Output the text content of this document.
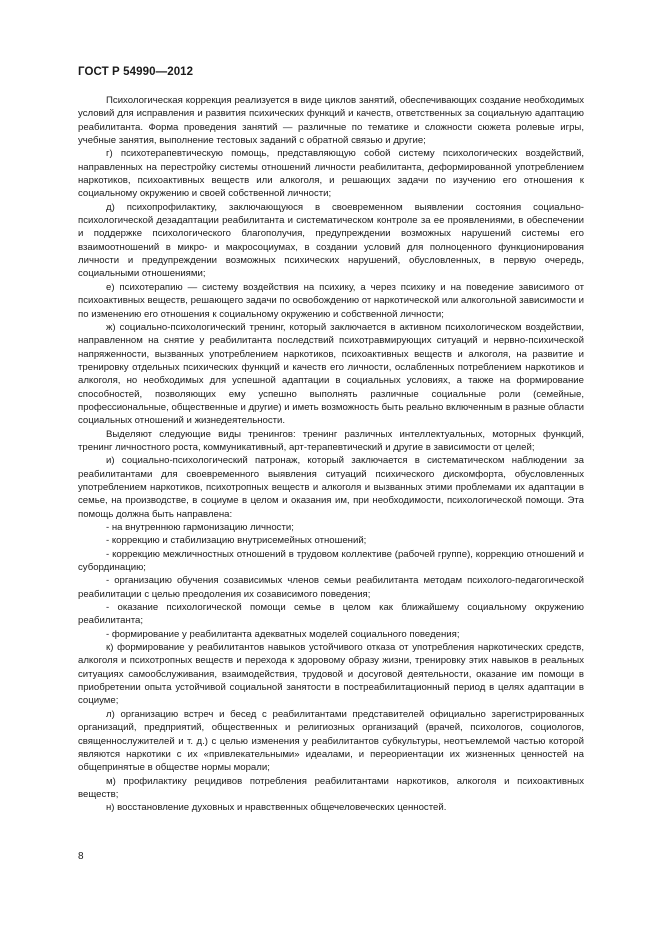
ГОСТ Р 54990—2012

Психологическая коррекция реализуется в виде циклов занятий, обеспечивающих создание необходимых условий для исправления и развития психических функций и качеств, ответственных за социальную адаптацию реабилитанта. Форма проведения занятий — различные по тематике и сложности сюжета ролевые игры, учебные занятия, выполнение тестовых заданий с обратной связью и другие;

г) психотерапевтическую помощь, представляющую собой систему психологических воздействий, направленных на перестройку системы отношений личности реабилитанта, деформированной употреблением наркотиков, психоактивных веществ или алкоголя, и решающих задачи по изучению его отношения к социальному окружению и своей собственной личности;

д) психопрофилактику, заключающуюся в своевременном выявлении состояния социально-психологической дезадаптации реабилитанта и систематическом контроле за ее проявлениями, в обеспечении и поддержке психологического благополучия, предупреждении возможных нарушений системы его взаимоотношений в микро- и макросоциумах, в создании условий для полноценного функционирования личности и предупреждении возможных психических нарушений, обусловленных, в первую очередь, социальными отношениями;

е) психотерапию — систему воздействия на психику, а через психику и на поведение зависимого от психоактивных веществ, решающего задачи по освобождению от наркотической или алкогольной зависимости и по изменению его отношения к социальному окружению и собственной личности;

ж) социально-психологический тренинг, который заключается в активном психологическом воздействии, направленном на снятие у реабилитанта последствий психотравмирующих ситуаций и нервно-психической напряженности, вызванных употреблением наркотиков, психоактивных веществ и алкоголя, на развитие и тренировку отдельных психических функций и качеств его личности, ослабленных потреблением наркотиков и алкоголя, но необходимых для успешной адаптации в социальных условиях, а также на формирование способностей, позволяющих ему успешно выполнять различные социальные роли (семейные, профессиональные, общественные и другие) и иметь возможность быть реально включенным в разные области социальных отношений и жизнедеятельности.

Выделяют следующие виды тренингов: тренинг различных интеллектуальных, моторных функций, тренинг личностного роста, коммуникативный, арт-терапевтический и другие в зависимости от целей;

и) социально-психологический патронаж, который заключается в систематическом наблюдении за реабилитантами для своевременного выявления ситуаций психического дискомфорта, обусловленных употреблением наркотиков, психотропных веществ и алкоголя и вызванных этими проблемами их адаптации в семье, на производстве, в социуме в целом и оказания им, при необходимости, психологической помощи. Эта помощь должна быть направлена:

- на внутреннюю гармонизацию личности;

- коррекцию и стабилизацию внутрисемейных отношений;

- коррекцию межличностных отношений в трудовом коллективе (рабочей группе), коррекцию отношений и субординацию;

- организацию обучения созависимых членов семьи реабилитанта методам психолого-педагогической реабилитации с целью преодоления их созависимого поведения;

- оказание психологической помощи семье в целом как ближайшему социальному окружению реабилитанта;

- формирование у реабилитанта адекватных моделей социального поведения;

к) формирование у реабилитантов навыков устойчивого отказа от употребления наркотических средств, алкоголя и психотропных веществ и перехода к здоровому образу жизни, тренировку этих навыков в реальных ситуациях самообслуживания, взаимодействия, трудовой и досуговой деятельности, оказание им помощи в приобретении опыта устойчивой социальной занятости в постреабилитационный период в целях адаптации в социуме;

л) организацию встреч и бесед с реабилитантами представителей официально зарегистрированных организаций, предприятий, общественных и религиозных организаций (врачей, психологов, социологов, священнослужителей и т. д.) с целью изменения у реабилитантов субкультуры, неотъемлемой частью которой являются наркотики с их «привлекательными» идеалами, и переориентации их жизненных ценностей на общепринятые в обществе нормы морали;

м) профилактику рецидивов потребления реабилитантами наркотиков, алкоголя и психоактивных веществ;

н) восстановление духовных и нравственных общечеловеческих ценностей.

8
